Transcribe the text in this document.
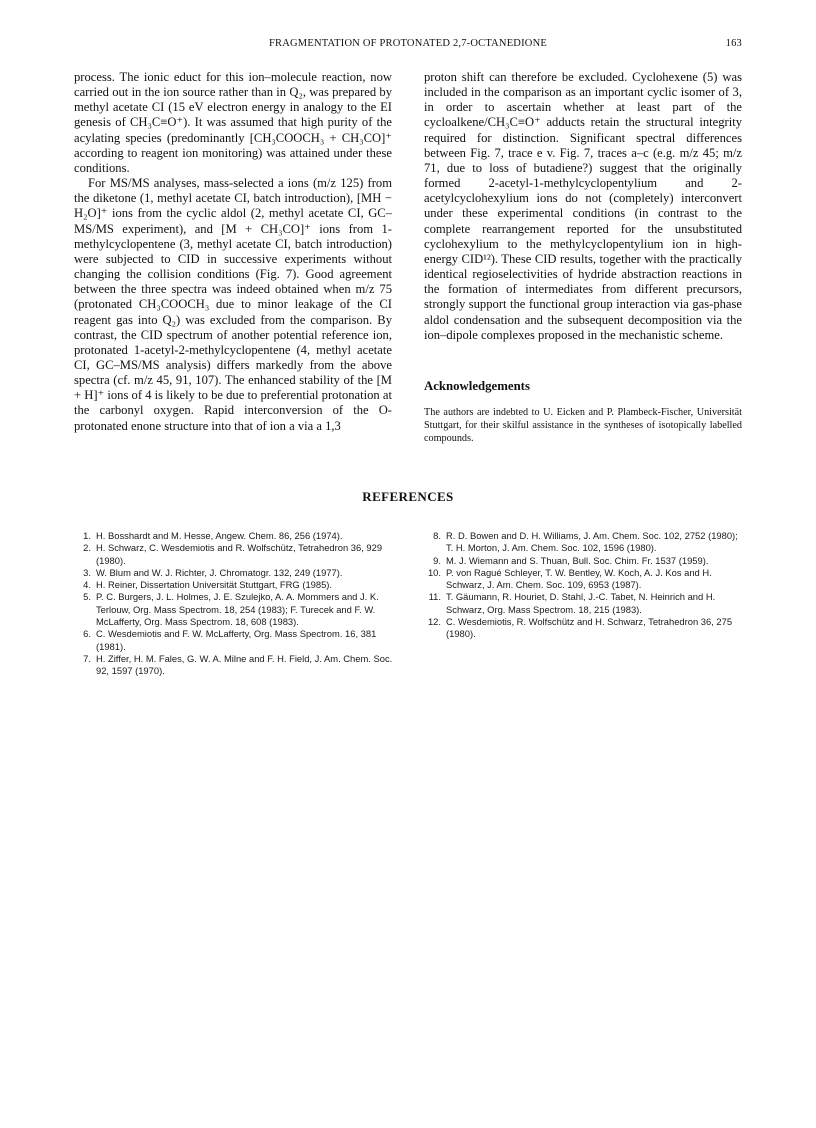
FRAGMENTATION OF PROTONATED 2,7-OCTANEDIONE	163

process. The ionic educt for this ion–molecule reaction, now carried out in the ion source rather than in Q₂, was prepared by methyl acetate CI (15 eV electron energy in analogy to the EI genesis of CH₃C≡O⁺). It was assumed that high purity of the acylating species (predominantly [CH₃COOCH₃ + CH₃CO]⁺ according to reagent ion monitoring) was attained under these conditions.

For MS/MS analyses, mass-selected a ions (m/z 125) from the diketone (1, methyl acetate CI, batch introduction), [MH − H₂O]⁺ ions from the cyclic aldol (2, methyl acetate CI, GC–MS/MS experiment), and [M + CH₃CO]⁺ ions from 1-methylcyclopentene (3, methyl acetate CI, batch introduction) were subjected to CID in successive experiments without changing the collision conditions (Fig. 7). Good agreement between the three spectra was indeed obtained when m/z 75 (protonated CH₃COOCH₃ due to minor leakage of the CI reagent gas into Q₂) was excluded from the comparison. By contrast, the CID spectrum of another potential reference ion, protonated 1-acetyl-2-methylcyclopentene (4, methyl acetate CI, GC–MS/MS analysis) differs markedly from the above spectra (cf. m/z 45, 91, 107). The enhanced stability of the [M + H]⁺ ions of 4 is likely to be due to preferential protonation at the carbonyl oxygen. Rapid interconversion of the O-protonated enone structure into that of ion a via a 1,3

proton shift can therefore be excluded. Cyclohexene (5) was included in the comparison as an important cyclic isomer of 3, in order to ascertain whether at least part of the cycloalkene/CH₃C≡O⁺ adducts retain the structural integrity required for distinction. Significant spectral differences between Fig. 7, trace e v. Fig. 7, traces a–c (e.g. m/z 45; m/z 71, due to loss of butadiene?) suggest that the originally formed 2-acetyl-1-methylcyclopentylium and 2-acetylcyclohexylium ions do not (completely) interconvert under these experimental conditions (in contrast to the complete rearrangement reported for the unsubstituted cyclohexylium to the methylcyclopentylium ion in high-energy CID¹²). These CID results, together with the practically identical regioselectivities of hydride abstraction reactions in the formation of intermediates from different precursors, strongly support the functional group interaction via gas-phase aldol condensation and the subsequent decomposition via the ion–dipole complexes proposed in the mechanistic scheme.

Acknowledgements
The authors are indebted to U. Eicken and P. Plambeck-Fischer, Universität Stuttgart, for their skilful assistance in the syntheses of isotopically labelled compounds.
REFERENCES
1. H. Bosshardt and M. Hesse, Angew. Chem. 86, 256 (1974).
2. H. Schwarz, C. Wesdemiotis and R. Wolfschütz, Tetrahedron 36, 929 (1980).
3. W. Blum and W. J. Richter, J. Chromatogr. 132, 249 (1977).
4. H. Reiner, Dissertation Universität Stuttgart, FRG (1985).
5. P. C. Burgers, J. L. Holmes, J. E. Szulejko, A. A. Mommers and J. K. Terlouw, Org. Mass Spectrom. 18, 254 (1983); F. Turecek and F. W. McLafferty, Org. Mass Spectrom. 18, 608 (1983).
6. C. Wesdemiotis and F. W. McLafferty, Org. Mass Spectrom. 16, 381 (1981).
7. H. Ziffer, H. M. Fales, G. W. A. Milne and F. H. Field, J. Am. Chem. Soc. 92, 1597 (1970).
8. R. D. Bowen and D. H. Williams, J. Am. Chem. Soc. 102, 2752 (1980); T. H. Morton, J. Am. Chem. Soc. 102, 1596 (1980).
9. M. J. Wiemann and S. Thuan, Bull. Soc. Chim. Fr. 1537 (1959).
10. P. von Ragué Schleyer, T. W. Bentley, W. Koch, A. J. Kos and H. Schwarz, J. Am. Chem. Soc. 109, 6953 (1987).
11. T. Gäumann, R. Houriet, D. Stahl, J.-C. Tabet, N. Heinrich and H. Schwarz, Org. Mass Spectrom. 18, 215 (1983).
12. C. Wesdemiotis, R. Wolfschütz and H. Schwarz, Tetrahedron 36, 275 (1980).
